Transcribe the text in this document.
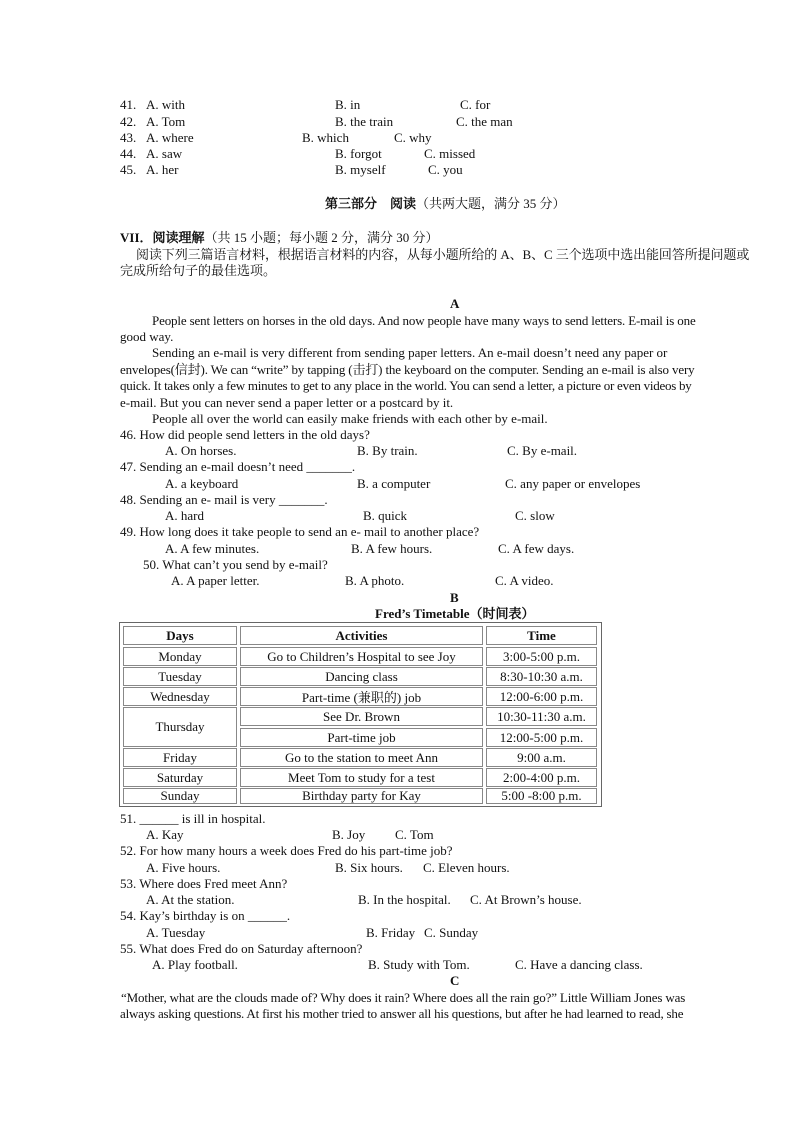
41. A. with	B. in	C. for
42. A. Tom	B. the train	C. the man
43. A. where	B. which	C. why
44. A. saw	B. forgot	C. missed
45. A. her	B. myself	C. you
第三部分　阅读（共两大题，满分 35 分）
VII．阅读理解（共 15 小题；每小题 2 分，满分 30 分）
阅读下列三篇语言材料，根据语言材料的内容，从每小题所给的 A、B、C 三个选项中选出能回答所提问题或
完成所给句子的最佳选项。
A
People sent letters on horses in the old days. And now people have many ways to send letters. E-mail is one
good way.
Sending an e-mail is very different from sending paper letters. An e-mail doesn’t need any paper or
envelopes(信封). We can “write” by tapping (击打) the keyboard on the computer. Sending an e-mail is also very
quick. It takes only a few minutes to get to any place in the world. You can send a letter, a picture or even videos by
e-mail. But you can never send a paper letter or a postcard by it.
People all over the world can easily make friends with each other by e-mail.
46. How did people send letters in the old days?
A. On horses.	B. By train.	C. By e-mail.
47. Sending an e-mail doesn’t need _______.
A. a keyboard	B. a computer	C. any paper or envelopes
48. Sending an e- mail is very _______.
A. hard	B. quick	C. slow
49. How long does it take people to send an e- mail to another place?
A. A few minutes.	B. A few hours.	C. A few days.
50. What can’t you send by e-mail?
A. A paper letter.	B. A photo.	C. A video.
B
Fred’s Timetable（时间表）
Days	Activities	Time
Monday	Go to Children’s Hospital to see Joy	3:00-5:00 p.m.
Tuesday	Dancing class	8:30-10:30 a.m.
Wednesday	Part-time (兼职的) job	12:00-6:00 p.m.
Thursday
See Dr. Brown	10:30-11:30 a.m.
Part-time job	12:00-5:00 p.m.
Friday	Go to the station to meet Ann	9:00 a.m.
Saturday	Meet Tom to study for a test	2:00-4:00 p.m.
Sunday	Birthday party for Kay	5:00 -8:00 p.m.
51. ______ is ill in hospital.
A. Kay	B. Joy C. Tom
52. For how many hours a week does Fred do his part-time job?
A. Five hours.	B. Six hours. C. Eleven hours.
53. Where does Fred meet Ann?
A. At the station.	B. In the hospital. C. At Brown’s house.
54. Kay’s birthday is on ______.
A. Tuesday	B. Friday C. Sunday
55. What does Fred do on Saturday afternoon?
A. Play football.	B. Study with Tom.	C. Have a dancing class.
C
“Mother, what are the clouds made of? Why does it rain? Where does all the rain go?” Little William Jones was
always asking questions. At first his mother tried to answer all his questions, but after he had learned to read, she
